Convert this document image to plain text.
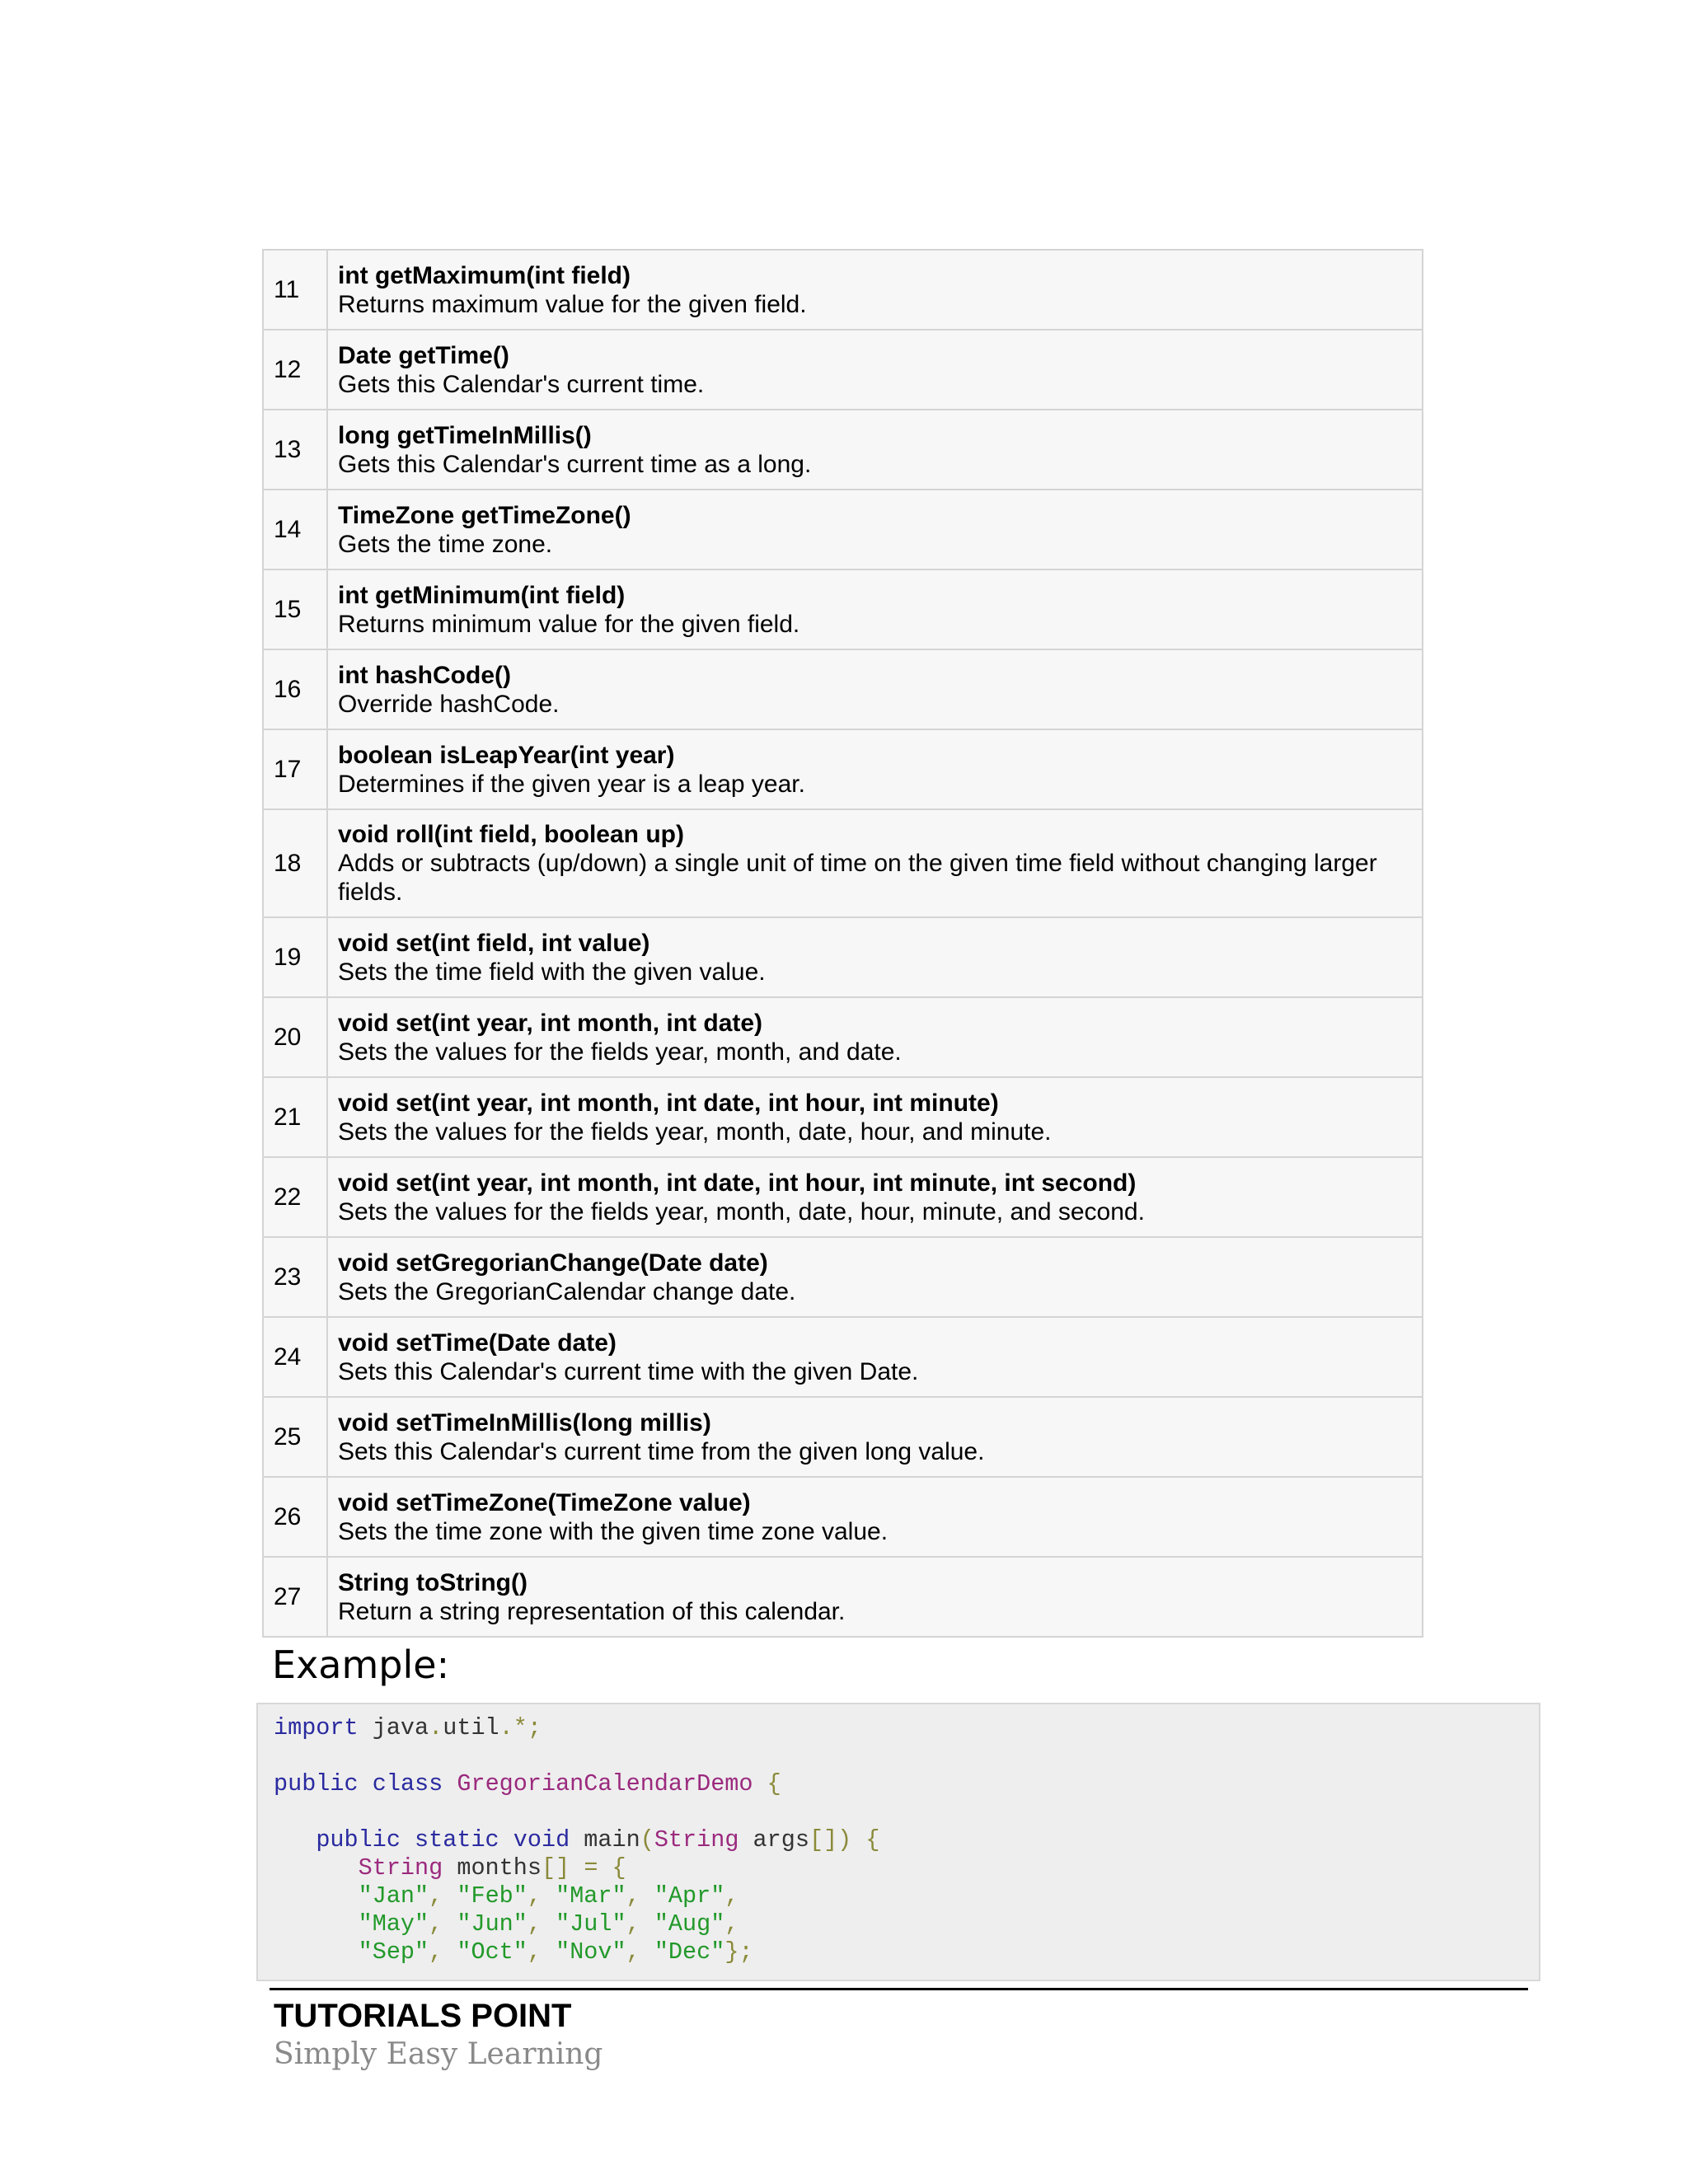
11	int getMaximum(int field)
Returns maximum value for the given field.

12	Date getTime()
Gets this Calendar's current time.

13	long getTimeInMillis()
Gets this Calendar's current time as a long.

14	TimeZone getTimeZone()
Gets the time zone.

15	int getMinimum(int field)
Returns minimum value for the given field.

16	int hashCode()
Override hashCode.

17	boolean isLeapYear(int year)
Determines if the given year is a leap year.

18	void roll(int field, boolean up)
Adds or subtracts (up/down) a single unit of time on the given time field without changing larger fields.

19	void set(int field, int value)
Sets the time field with the given value.

20	void set(int year, int month, int date)
Sets the values for the fields year, month, and date.

21	void set(int year, int month, int date, int hour, int minute)
Sets the values for the fields year, month, date, hour, and minute.

22	void set(int year, int month, int date, int hour, int minute, int second)
Sets the values for the fields year, month, date, hour, minute, and second.

23	void setGregorianChange(Date date)
Sets the GregorianCalendar change date.

24	void setTime(Date date)
Sets this Calendar's current time with the given Date.

25	void setTimeInMillis(long millis)
Sets this Calendar's current time from the given long value.

26	void setTimeZone(TimeZone value)
Sets the time zone with the given time zone value.

27	String toString()
Return a string representation of this calendar.
Example:
import java.util.*;

public class GregorianCalendarDemo {

public static void main(String args[]) {
String months[] = {
"Jan", "Feb", "Mar", "Apr",
"May", "Jun", "Jul", "Aug",
"Sep", "Oct", "Nov", "Dec"};
TUTORIALS POINT
Simply Easy Learning
